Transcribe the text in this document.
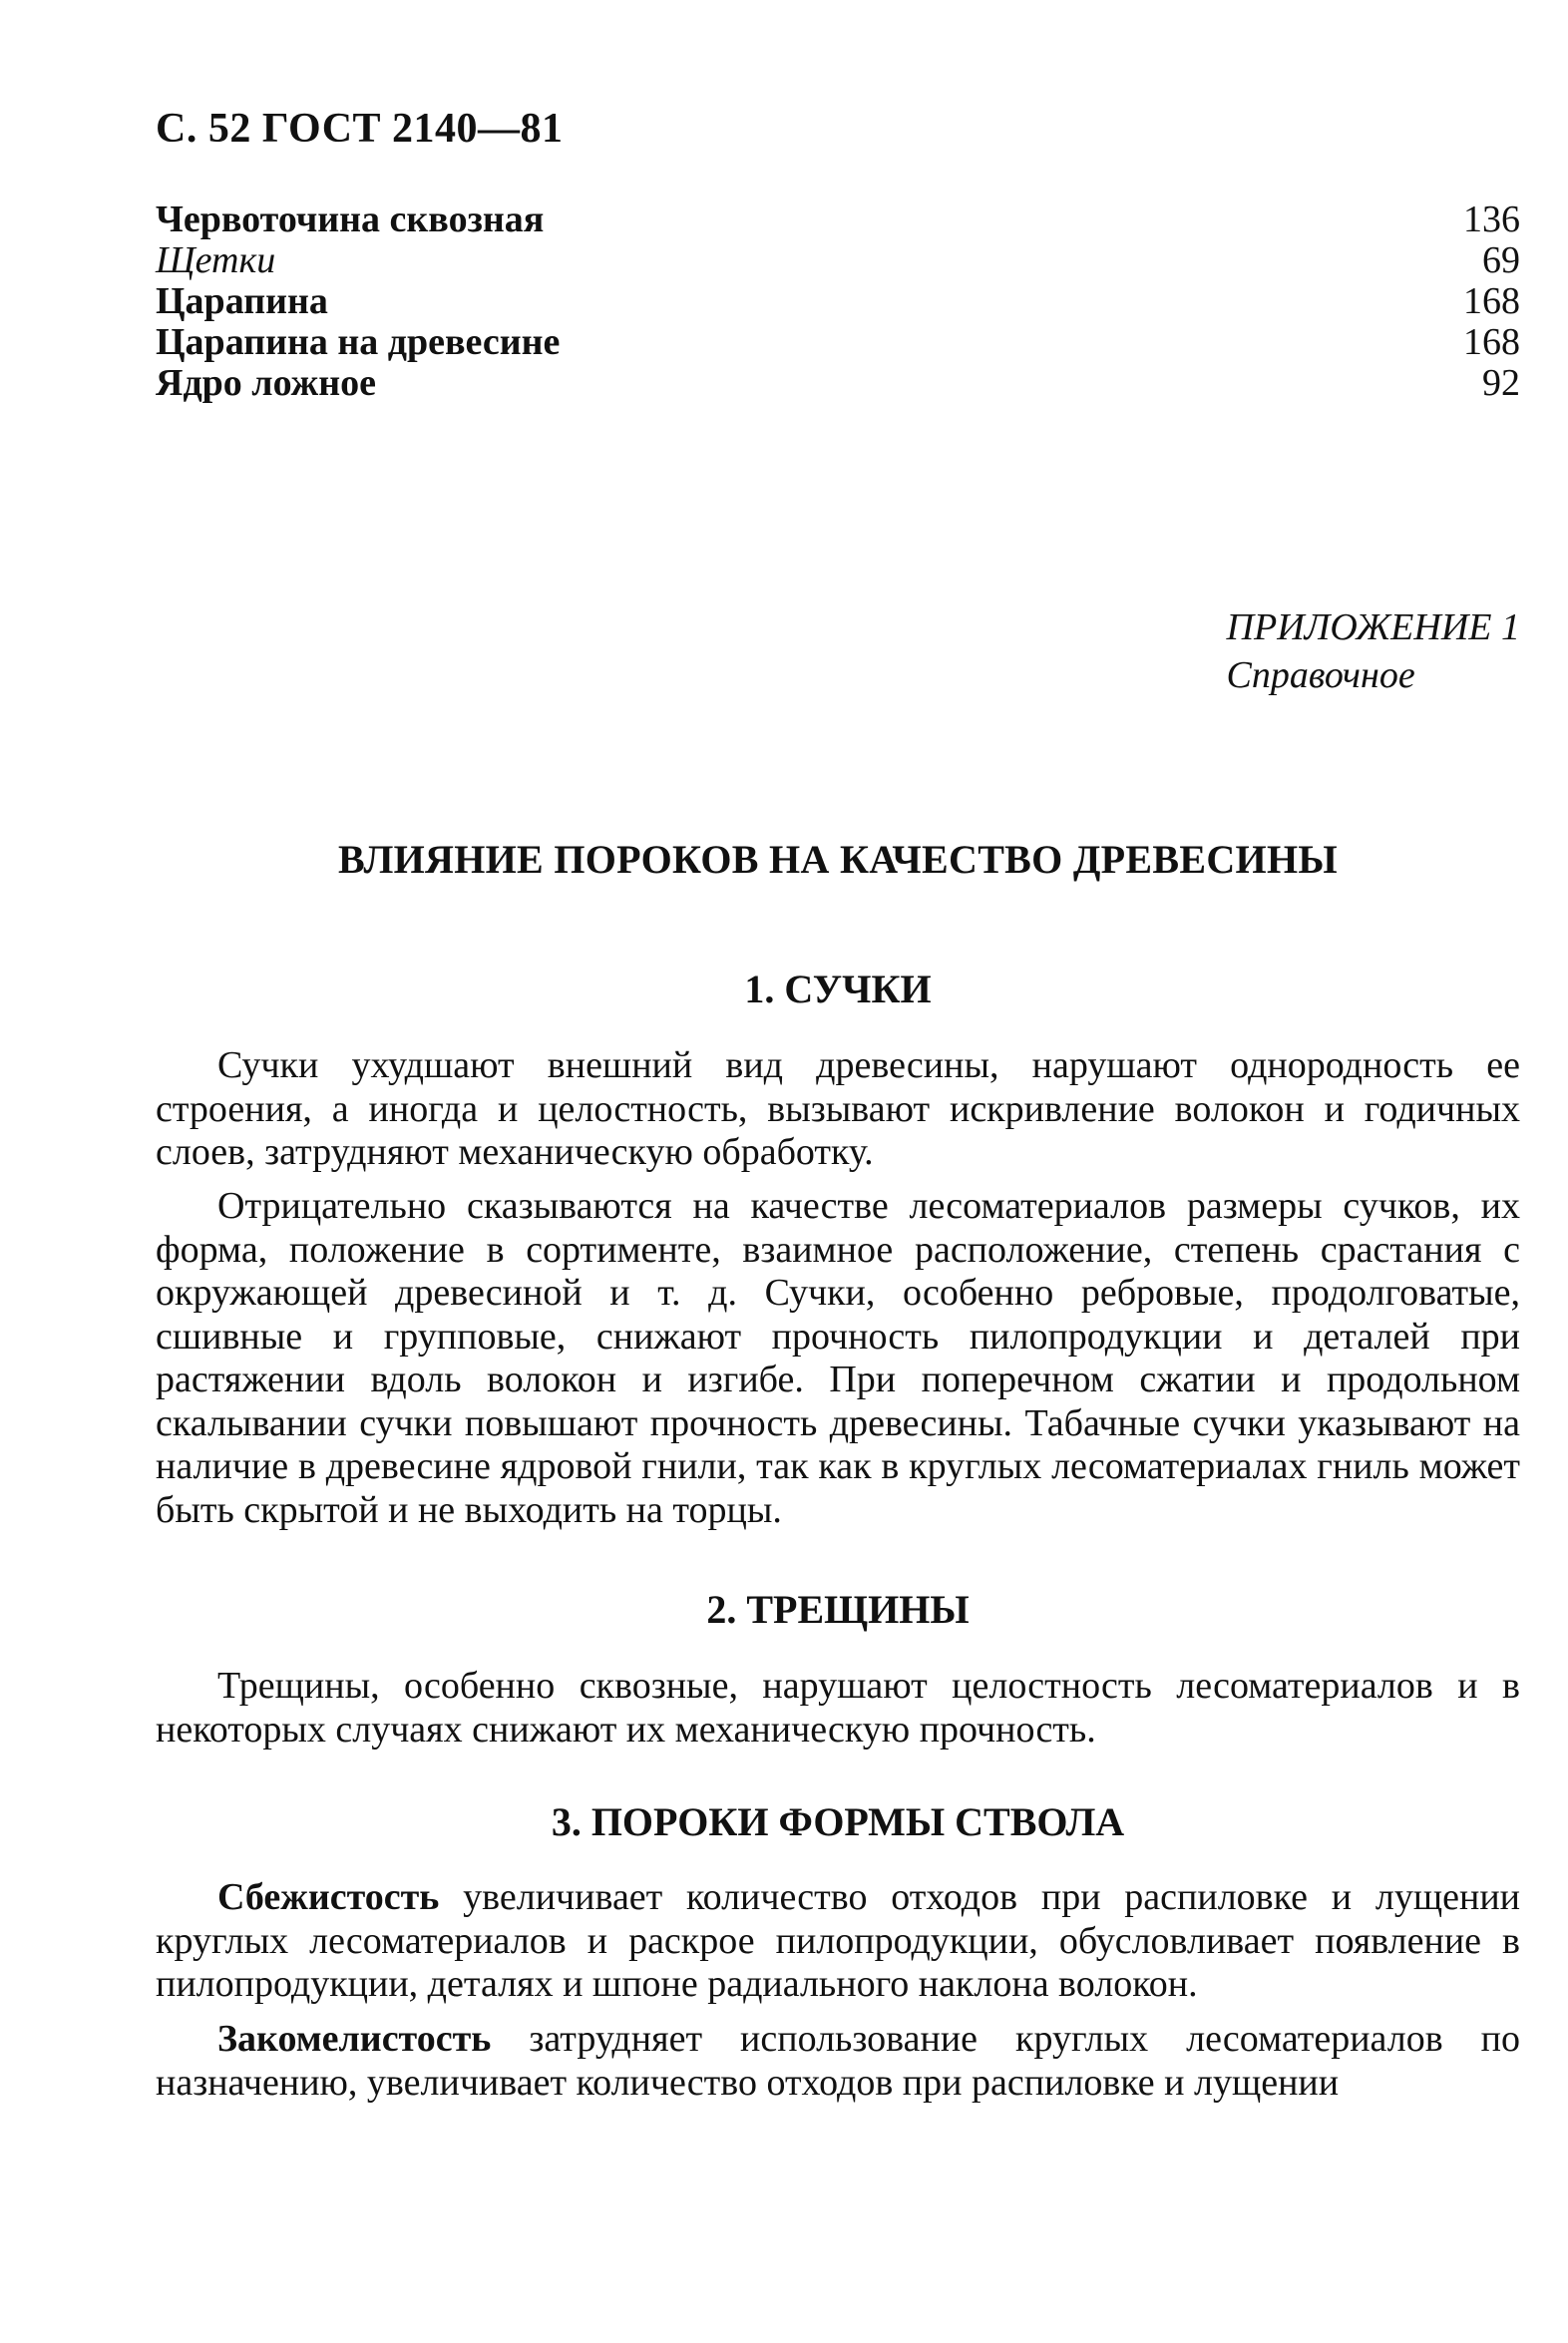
С. 52 ГОСТ 2140—81
Червоточина сквозная	136
Щетки	69
Царапина	168
Царапина на древесине	168
Ядро ложное	92
ПРИЛОЖЕНИЕ 1
Справочное
ВЛИЯНИЕ ПОРОКОВ НА КАЧЕСТВО ДРЕВЕСИНЫ
1. СУЧКИ
Сучки ухудшают внешний вид древесины, нарушают однородность ее строения, а иногда и целостность, вызывают искривление волокон и годичных слоев, затрудняют механическую обработку.
Отрицательно сказываются на качестве лесоматериалов размеры сучков, их форма, положение в сортименте, взаимное расположение, степень срастания с окружающей древесиной и т. д. Сучки, особенно ребровые, продолговатые, сшивные и групповые, снижают прочность пилопродукции и деталей при растяжении вдоль волокон и изгибе. При поперечном сжатии и продольном скалывании сучки повышают прочность древесины. Табачные сучки указывают на наличие в древесине ядровой гнили, так как в круглых лесоматериалах гниль может быть скрытой и не выходить на торцы.
2. ТРЕЩИНЫ
Трещины, особенно сквозные, нарушают целостность лесоматериалов и в некоторых случаях снижают их механическую прочность.
3. ПОРОКИ ФОРМЫ СТВОЛА
Сбежистость увеличивает количество отходов при распиловке и лущении круглых лесоматериалов и раскрое пилопродукции, обусловливает появление в пилопродукции, деталях и шпоне радиального наклона волокон.
Закомелистость затрудняет использование круглых лесоматериалов по назначению, увеличивает количество отходов при распиловке и лущении
